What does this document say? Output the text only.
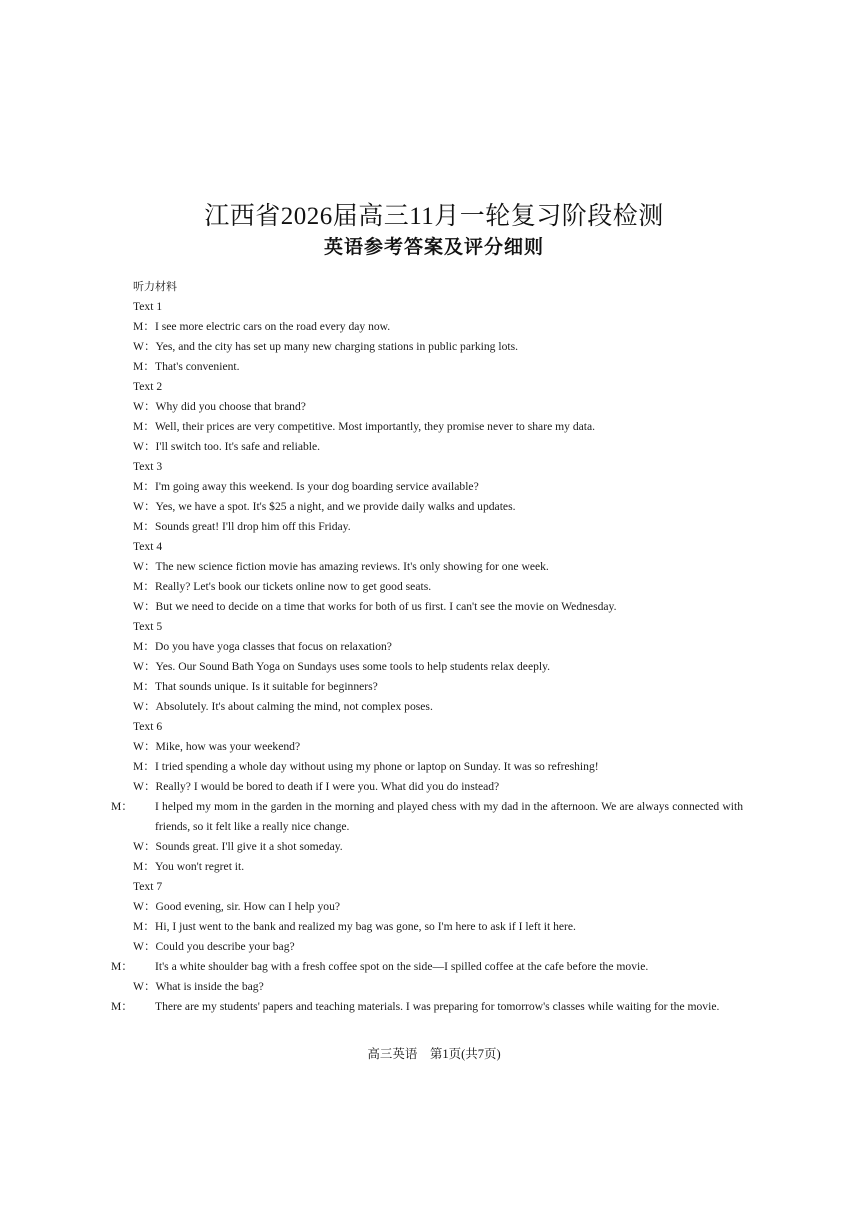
江西省2026届高三11月一轮复习阶段检测
英语参考答案及评分细则
听力材料
Text 1
M：I see more electric cars on the road every day now.
W：Yes, and the city has set up many new charging stations in public parking lots.
M：That's convenient.
Text 2
W：Why did you choose that brand?
M：Well, their prices are very competitive. Most importantly, they promise never to share my data.
W：I'll switch too. It's safe and reliable.
Text 3
M：I'm going away this weekend. Is your dog boarding service available?
W：Yes, we have a spot. It's $25 a night, and we provide daily walks and updates.
M：Sounds great! I'll drop him off this Friday.
Text 4
W：The new science fiction movie has amazing reviews. It's only showing for one week.
M：Really? Let's book our tickets online now to get good seats.
W：But we need to decide on a time that works for both of us first. I can't see the movie on Wednesday.
Text 5
M：Do you have yoga classes that focus on relaxation?
W：Yes. Our Sound Bath Yoga on Sundays uses some tools to help students relax deeply.
M：That sounds unique. Is it suitable for beginners?
W：Absolutely. It's about calming the mind, not complex poses.
Text 6
W：Mike, how was your weekend?
M：I tried spending a whole day without using my phone or laptop on Sunday. It was so refreshing!
W：Really? I would be bored to death if I were you. What did you do instead?
M： I helped my mom in the garden in the morning and played chess with my dad in the afternoon. We are always connected with friends, so it felt like a really nice change.
W：Sounds great. I'll give it a shot someday.
M：You won't regret it.
Text 7
W：Good evening, sir. How can I help you?
M：Hi, I just went to the bank and realized my bag was gone, so I'm here to ask if I left it here.
W：Could you describe your bag?
M： It's a white shoulder bag with a fresh coffee spot on the side—I spilled coffee at the cafe before the movie.
W：What is inside the bag?
M： There are my students' papers and teaching materials. I was preparing for tomorrow's classes while waiting for the movie.
高三英语　第1页(共7页)
